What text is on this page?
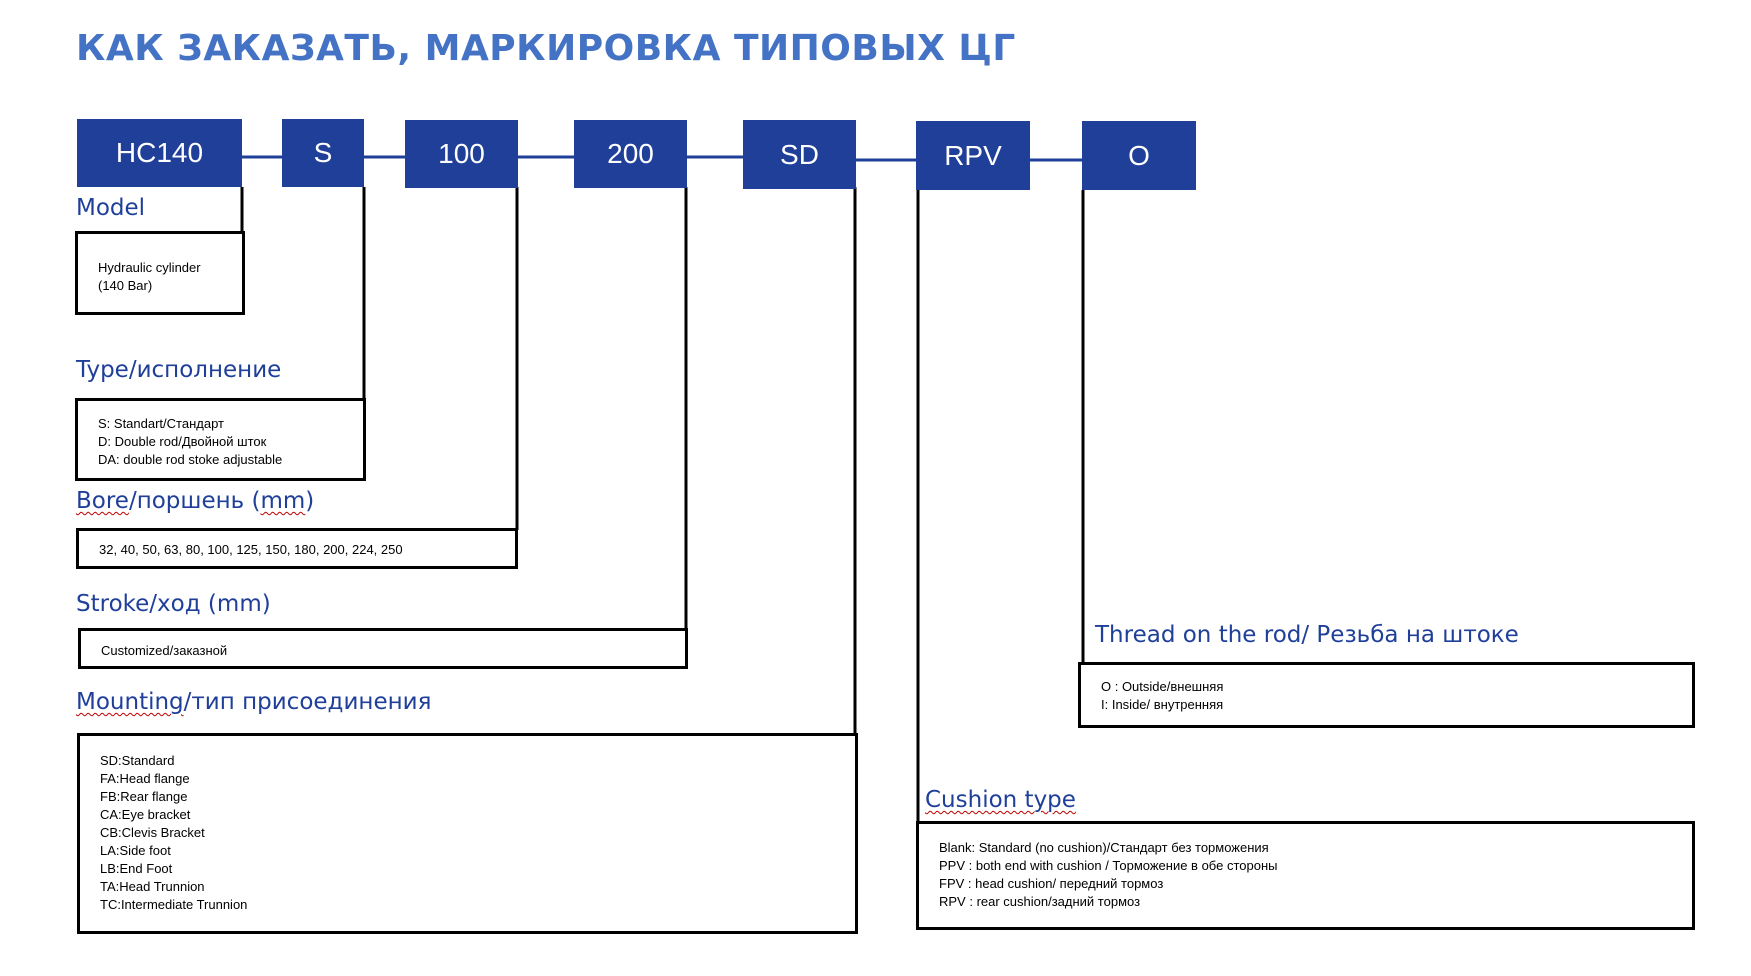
КАК ЗАКАЗАТЬ, МАРКИРОВКА ТИПОВЫХ ЦГ
HC140	S	100	200	SD	RPV	O
Model
Hydraulic cylinder
(140 Bar)
Type/исполнение
S: Standart/Стандарт
D: Double rod/Двойной шток
DA: double rod stoke adjustable
Bore/поршень (mm)
32, 40, 50, 63, 80, 100, 125, 150, 180, 200, 224, 250
Stroke/ход (mm)
Customized/заказной
Mounting/тип присоединения
SD:Standard
FA:Head flange
FB:Rear flange
CA:Eye bracket
CB:Clevis Bracket
LA:Side foot
LB:End Foot
TA:Head Trunnion
TC:Intermediate Trunnion
Thread on the rod/ Резьба на штоке
O : Outside/внешняя
I: Inside/ внутренняя
Cushion type
Blank: Standard (no cushion)/Стандарт без торможения
PPV : both end with cushion / Торможение в обе стороны
FPV : head cushion/ передний тормоз
RPV : rear cushion/задний тормоз
